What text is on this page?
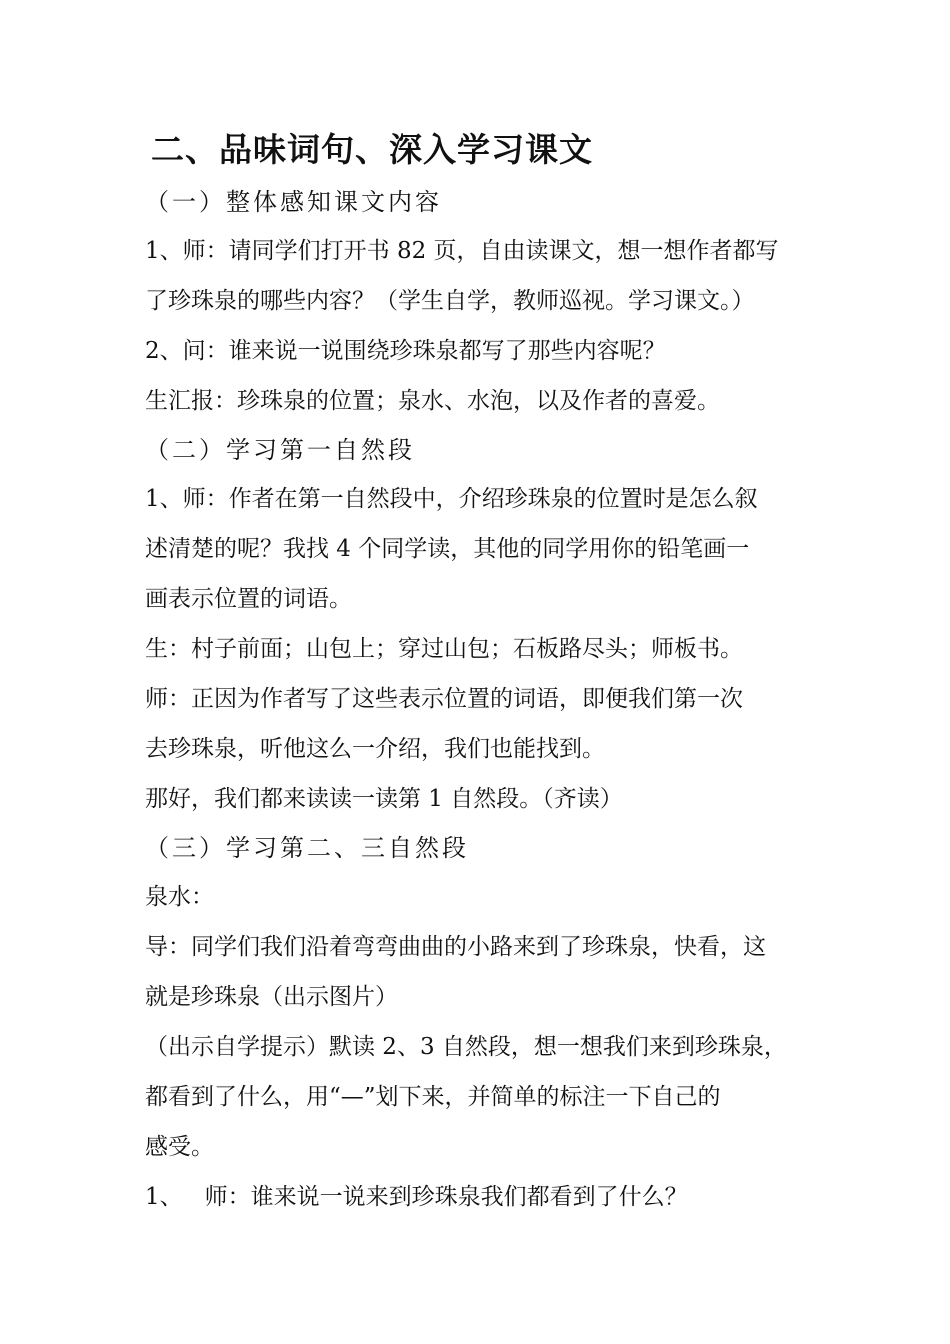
二、品味词句、深入学习课文
（一）整体感知课文内容
1、师：请同学们打开书 82 页，自由读课文，想一想作者都写
了珍珠泉的哪些内容？（学生自学，教师巡视。学习课文。）
2、问：谁来说一说围绕珍珠泉都写了那些内容呢？
生汇报：珍珠泉的位置；泉水、水泡，以及作者的喜爱。
（二）学习第一自然段
1、师：作者在第一自然段中，介绍珍珠泉的位置时是怎么叙
述清楚的呢？我找 4 个同学读，其他的同学用你的铅笔画一
画表示位置的词语。
生：村子前面；山包上；穿过山包；石板路尽头；师板书。
师：正因为作者写了这些表示位置的词语，即便我们第一次
去珍珠泉，听他这么一介绍，我们也能找到。
那好，我们都来读读一读第 1 自然段。（齐读）
（三）学习第二、三自然段
泉水：
导：同学们我们沿着弯弯曲曲的小路来到了珍珠泉，快看，这
就是珍珠泉（出示图片）
（出示自学提示）默读 2、3 自然段，想一想我们来到珍珠泉，
都看到了什么，用“—”划下来，并简单的标注一下自己的
感受。
1、 师：谁来说一说来到珍珠泉我们都看到了什么？
